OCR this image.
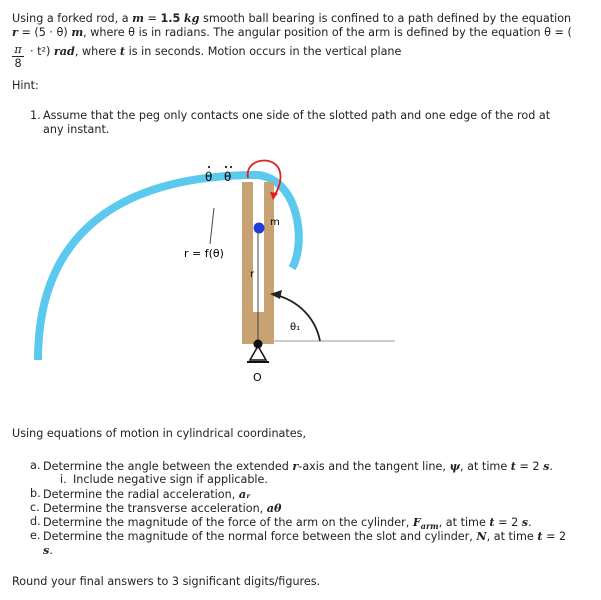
Using a forked rod, a m = 1.5 kg smooth ball bearing is confined to a path defined by the equation
r = (5 · θ) m, where θ is in radians. The angular position of the arm is defined by the equation θ = (
$\frac{\pi}{8} \cdot t^2$) rad, where t is in seconds. Motion occurs in the vertical plane
Hint:
1. Assume that the peg only contacts one side of the slotted path and one edge of the rod at
any instant.
θ θ
m
r = f(θ)
r
θ₁
O
Using equations of motion in cylindrical coordinates,
a. Determine the angle between the extended r-axis and the tangent line, ψ, at time t = 2 s.
i. Include negative sign if applicable.
b. Determine the radial acceleration, aᵣ
c. Determine the transverse acceleration, aθ
d. Determine the magnitude of the force of the arm on the cylinder, $F_{arm}$, at time t = 2 s.
e. Determine the magnitude of the normal force between the slot and cylinder, N, at time t = 2
s.
Round your final answers to 3 significant digits/figures.
